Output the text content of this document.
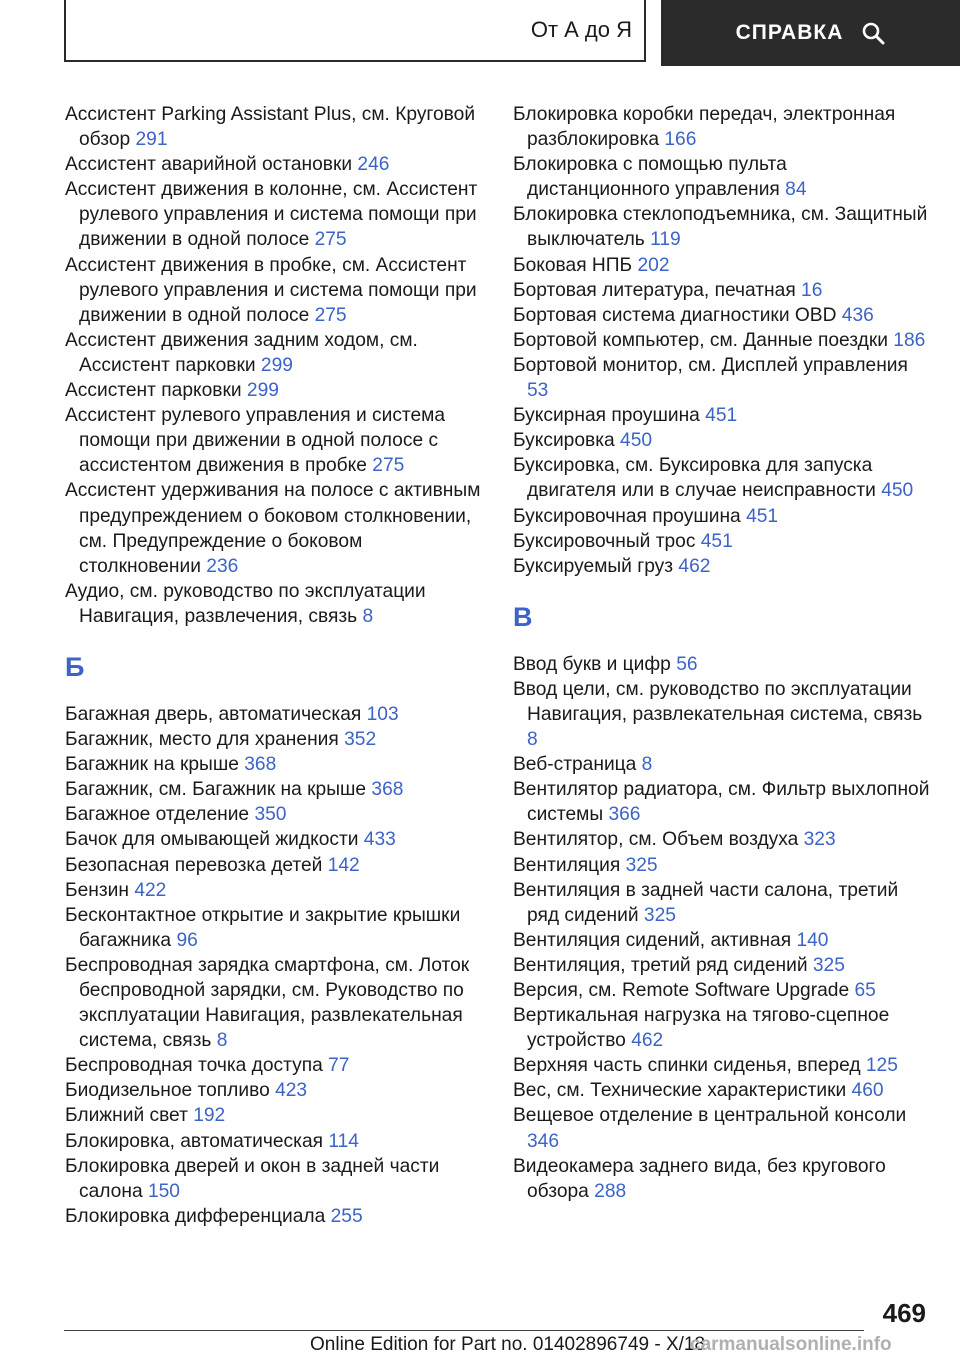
От А до Я	СПРАВКА

Ассистент Parking Assistant Plus, см. Круговой обзор 291

Ассистент аварийной остановки 246

Ассистент движения в колонне, см. Ассистент рулевого управления и система помощи при движении в одной полосе 275

Ассистент движения в пробке, см. Ассистент рулевого управления и система помощи при движении в одной полосе 275

Ассистент движения задним ходом, см. Ассистент парковки 299

Ассистент парковки 299

Ассистент рулевого управления и система помощи при движении в одной полосе с ассистентом движения в пробке 275

Ассистент удерживания на полосе с активным предупреждением о боковом столкновении, см. Предупреждение о боковом столкновении 236

Аудио, см. руководство по эксплуатации Навигация, развлечения, связь 8

Б

Багажная дверь, автоматическая 103

Багажник, место для хранения 352

Багажник на крыше 368

Багажник, см. Багажник на крыше 368

Багажное отделение 350

Бачок для омывающей жидкости 433

Безопасная перевозка детей 142

Бензин 422

Бесконтактное открытие и закрытие крышки багажника 96

Беспроводная зарядка смартфона, см. Лоток беспроводной зарядки, см. Руководство по эксплуатации Навигация, развлекательная система, связь 8

Беспроводная точка доступа 77

Биодизельное топливо 423

Ближний свет 192

Блокировка, автоматическая 114

Блокировка дверей и окон в задней части салона 150

Блокировка дифференциала 255

Блокировка коробки передач, электронная разблокировка 166

Блокировка с помощью пульта дистанционного управления 84

Блокировка стеклоподъемника, см. Защитный выключатель 119

Боковая НПБ 202

Бортовая литература, печатная 16

Бортовая система диагностики OBD 436

Бортовой компьютер, см. Данные поездки 186

Бортовой монитор, см. Дисплей управления 53

Буксирная проушина 451

Буксировка 450

Буксировка, см. Буксировка для запуска двигателя или в случае неисправности 450

Буксировочная проушина 451

Буксировочный трос 451

Буксируемый груз 462

В

Ввод букв и цифр 56

Ввод цели, см. руководство по эксплуатации Навигация, развлекательная система, связь 8

Веб-страница 8

Вентилятор радиатора, см. Фильтр выхлопной системы 366

Вентилятор, см. Объем воздуха 323

Вентиляция 325

Вентиляция в задней части салона, третий ряд сидений 325

Вентиляция сидений, активная 140

Вентиляция, третий ряд сидений 325

Версия, см. Remote Software Upgrade 65

Вертикальная нагрузка на тягово-сцепное устройство 462

Верхняя часть спинки сиденья, вперед 125

Вес, см. Технические характеристики 460

Вещевое отделение в центральной консоли 346

Видеокамера заднего вида, без кругового обзора 288

469
Online Edition for Part no. 01402896749 - X/18
carmanualsonline.info
